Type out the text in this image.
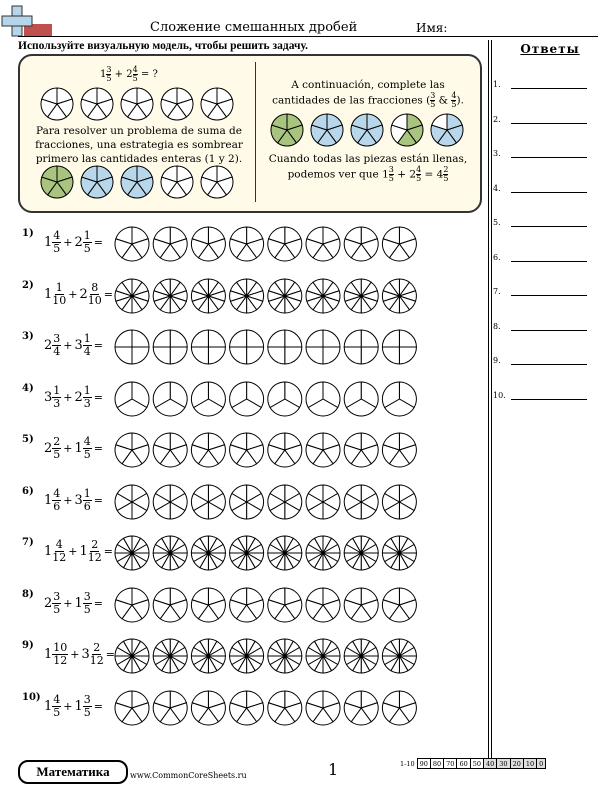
Сложение смешанных дробей	Имя:
Используйте визуальную модель, чтобы решить задачу.
$1 \frac{3}{5} + 2 \frac{4}{5}$ = ?
Para resolver un problema de suma de fracciones, una estrategia es sombrear primero las cantidades enteras (1 y 2).
A continuación, complete las cantidades de las fracciones ( $\frac{3}{5}$ & $\frac{4}{5}$ ).
Cuando todas las piezas están llenas, podemos ver que $1 \frac{3}{5} + 2 \frac{4}{5} = 4 \frac{2}{5}$
Ответы
1.
2.
3.
4.
5.
6.
7.
8.
9.
10.
1)
$1 \frac{4}{5} + 2 \frac{1}{5}$ =
2)
$1 \frac{1}{10} + 2 \frac{8}{10}$ =
3)
$2 \frac{3}{4} + 3 \frac{1}{4}$ =
4)
$3 \frac{1}{3} + 2 \frac{1}{3}$ =
5)
$2 \frac{2}{5} + 1 \frac{4}{5}$ =
6)
$1 \frac{4}{6} + 3 \frac{1}{6}$ =
7)
$1 \frac{4}{12} + 1 \frac{2}{12}$ =
8)
$2 \frac{3}{5} + 1 \frac{3}{5}$ =
9)
$1 \frac{10}{12} + 3 \frac{2}{12}$ =
10)
$1 \frac{4}{5} + 1 \frac{3}{5}$ =
Математика	www.CommonCoreSheets.ru	1	1-10	90	80	70	60	50	40	30	20	10	0
